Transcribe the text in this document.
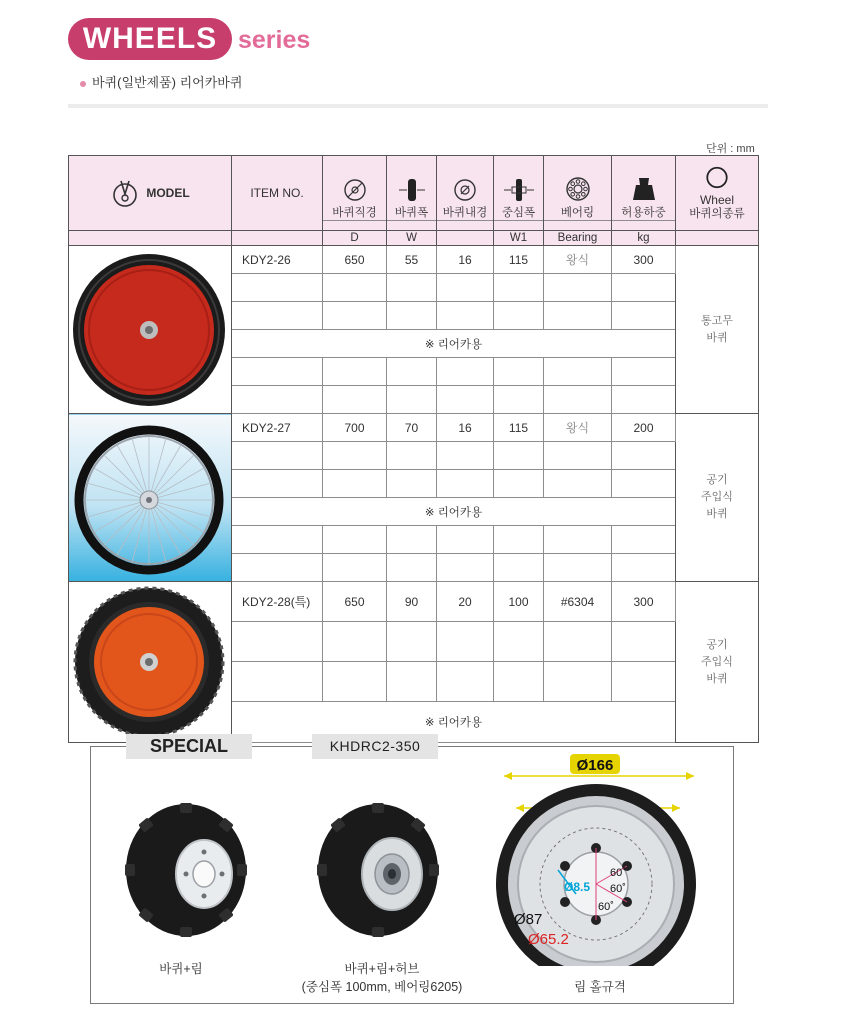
WHEELS series
바퀴(일반제품) 리어카바퀴
단위 : mm
MODEL	ITEM NO.	바퀴직경	바퀴폭	바퀴내경	중심폭	베어링	허용하중	Wheel
바퀴의종류

		D	W		W1	Bearing	kg	

	KDY2-26	650	55	16	115	왕식	300	통고무
바퀴

	※ 리어카용							

	KDY2-27	700	70	16	115	왕식	200	공기
주입식
바퀴

	※ 리어카용							

	KDY2-28(특)	650	90	20	100	#6304	300	공기
주입식
바퀴

	※ 리어카용							
SPECIAL	KHDRC2-350
Ø166
60˚
60˚
60˚
Ø8.5
Ø87
Ø65.2
바퀴+림	바퀴+림+허브
(중심폭 100mm, 베어링6205)	림 홀규격
